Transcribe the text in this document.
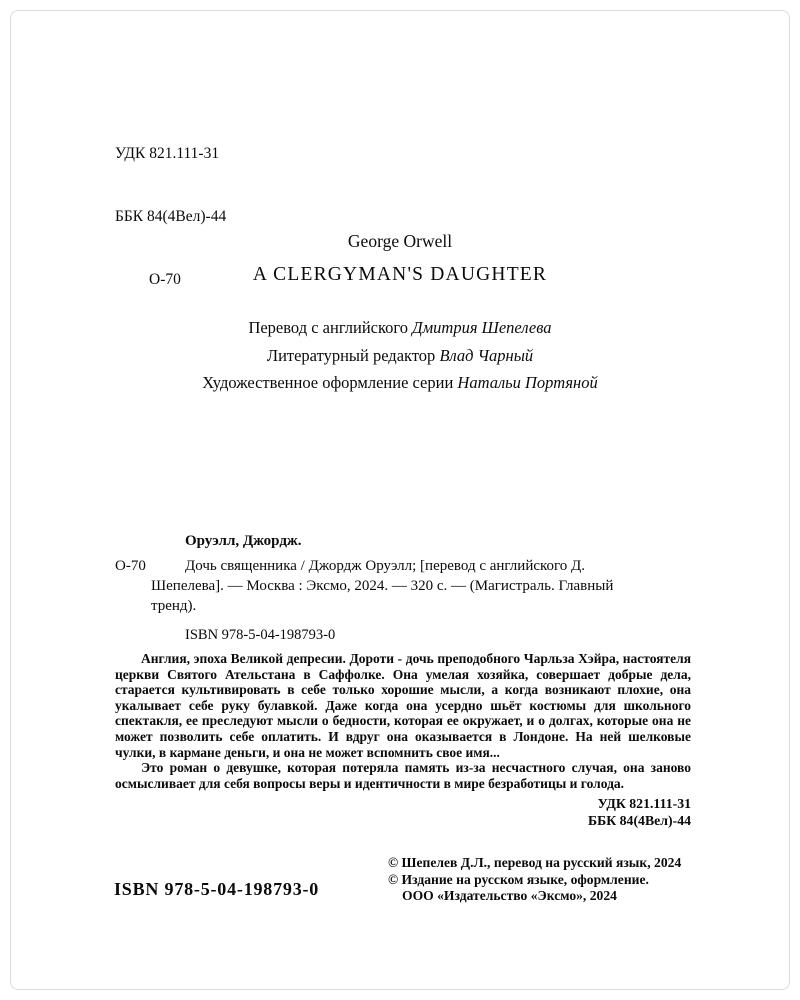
УДК 821.111-31

ББК 84(4Вел)-44

О-70

George Orwell
A CLERGYMAN'S DAUGHTER
Перевод с английского Дмитрия Шепелева
Литературный редактор Влад Чарный
Художественное оформление серии Натальи Портяной
Оруэлл, Джордж.
О-70	Дочь священника / Джордж Оруэлл; [перевод с английского Д. Шепелева]. — Москва : Эксмо, 2024. — 320 с. — (Магистраль. Главный тренд).
ISBN 978-5-04-198793-0

Англия, эпоха Великой депресии. Дороти - дочь преподобного Чарльза Хэйра, настоятеля церкви Святого Ательстана в Саффолке. Она умелая хозяйка, совершает добрые дела, старается культивировать в себе только хорошие мысли, а когда возникают плохие, она укалывает себе руку булавкой. Даже когда она усердно шьёт костюмы для школьного спектакля, ее преследуют мысли о бедности, которая ее окружает, и о долгах, которые она не может позволить себе оплатить. И вдруг она оказывается в Лондоне. На ней шелковые чулки, в кармане деньги, и она не может вспомнить свое имя...

Это роман о девушке, которая потеряла память из-за несчастного случая, она заново осмысливает для себя вопросы веры и идентичности в мире безработицы и голода.

УДК 821.111-31
ББК 84(4Вел)-44
ISBN 978-5-04-198793-0
© Шепелев Д.Л., перевод на русский язык, 2024
© Издание на русском языке, оформление.
ООО «Издательство «Эксмо», 2024
